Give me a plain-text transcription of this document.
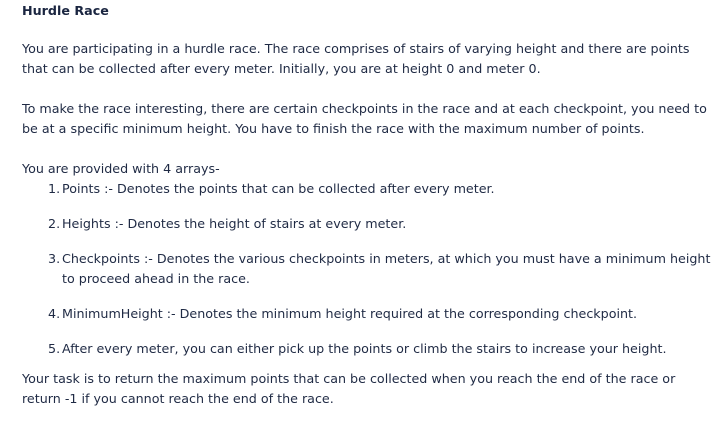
Hurdle Race

You are participating in a hurdle race. The race comprises of stairs of varying height and there are points that can be collected after every meter. Initially, you are at height 0 and meter 0.

To make the race interesting, there are certain checkpoints in the race and at each checkpoint, you need to be at a specific minimum height. You have to finish the race with the maximum number of points.

You are provided with 4 arrays-

1 . Points :- Denotes the points that can be collected after every meter.
2 . Heights :- Denotes the height of stairs at every meter.
3 . Checkpoints :- Denotes the various checkpoints in meters, at which you must have a minimum height to proceed ahead in the race.
4 . MinimumHeight :- Denotes the minimum height required at the corresponding checkpoint.
5 . After every meter, you can either pick up the points or climb the stairs to increase your height.

Your task is to return the maximum points that can be collected when you reach the end of the race or return -1 if you cannot reach the end of the race.
